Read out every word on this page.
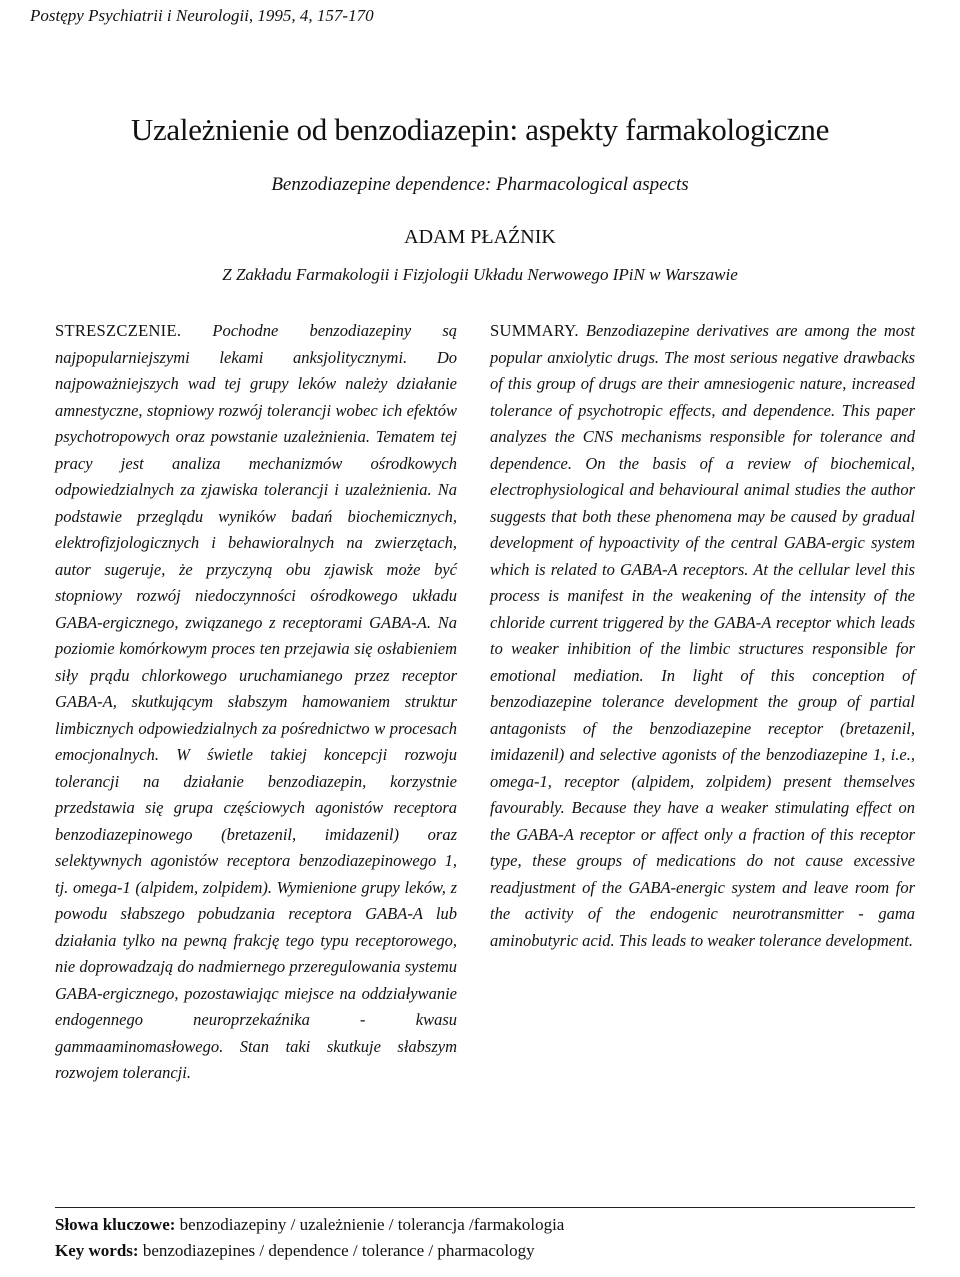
Postępy Psychiatrii i Neurologii, 1995, 4, 157-170
Uzależnienie od benzodiazepin: aspekty farmakologiczne
Benzodiazepine dependence: Pharmacological aspects
ADAM PŁAŹNIK
Z Zakładu Farmakologii i Fizjologii Układu Nerwowego IPiN w Warszawie
STRESZCZENIE. Pochodne benzodiazepiny są najpopularniejszymi lekami anksjolitycznymi. Do najpoważniejszych wad tej grupy leków należy działanie amnestyczne, stopniowy rozwój tolerancji wobec ich efektów psychotropowych oraz powstanie uzależnienia. Tematem tej pracy jest analiza mechanizmów ośrodkowych odpowiedzialnych za zjawiska tolerancji i uzależnienia. Na podstawie przeglądu wyników badań biochemicznych, elektrofizjologicznych i behawioralnych na zwierzętach, autor sugeruje, że przyczyną obu zjawisk może być stopniowy rozwój niedoczynności ośrodkowego układu GABA-ergicznego, związanego z receptorami GABA-A. Na poziomie komórkowym proces ten przejawia się osłabieniem siły prądu chlorkowego uruchamianego przez receptor GABA-A, skutkującym słabszym hamowaniem struktur limbicznych odpowiedzialnych za pośrednictwo w procesach emocjonalnych. W świetle takiej koncepcji rozwoju tolerancji na działanie benzodiazepin, korzystnie przedstawia się grupa częściowych agonistów receptora benzodiazepinowego (bretazenil, imidazenil) oraz selektywnych agonistów receptora benzodiazepinowego 1, tj. omega-1 (alpidem, zolpidem). Wymienione grupy leków, z powodu słabszego pobudzania receptora GABA-A lub działania tylko na pewną frakcję tego typu receptorowego, nie doprowadzają do nadmiernego przeregulowania systemu GABA-ergicznego, pozostawiając miejsce na oddziaływanie endogennego neuroprzekaźnika - kwasu gammaaminomasłowego. Stan taki skutkuje słabszym rozwojem tolerancji.
SUMMARY. Benzodiazepine derivatives are among the most popular anxiolytic drugs. The most serious negative drawbacks of this group of drugs are their amnesiogenic nature, increased tolerance of psychotropic effects, and dependence. This paper analyzes the CNS mechanisms responsible for tolerance and dependence. On the basis of a review of biochemical, electrophysiological and behavioural animal studies the author suggests that both these phenomena may be caused by gradual development of hypoactivity of the central GABA-ergic system which is related to GABA-A receptors. At the cellular level this process is manifest in the weakening of the intensity of the chloride current triggered by the GABA-A receptor which leads to weaker inhibition of the limbic structures responsible for emotional mediation. In light of this conception of benzodiazepine tolerance development the group of partial antagonists of the benzodiazepine receptor (bretazenil, imidazenil) and selective agonists of the benzodiazepine 1, i.e., omega-1, receptor (alpidem, zolpidem) present themselves favourably. Because they have a weaker stimulating effect on the GABA-A receptor or affect only a fraction of this receptor type, these groups of medications do not cause excessive readjustment of the GABA-energic system and leave room for the activity of the endogenic neurotransmitter - gama aminobutyric acid. This leads to weaker tolerance development.
Słowa kluczowe: benzodiazepiny / uzależnienie / tolerancja /farmakologia
Key words: benzodiazepines / dependence / tolerance / pharmacology
